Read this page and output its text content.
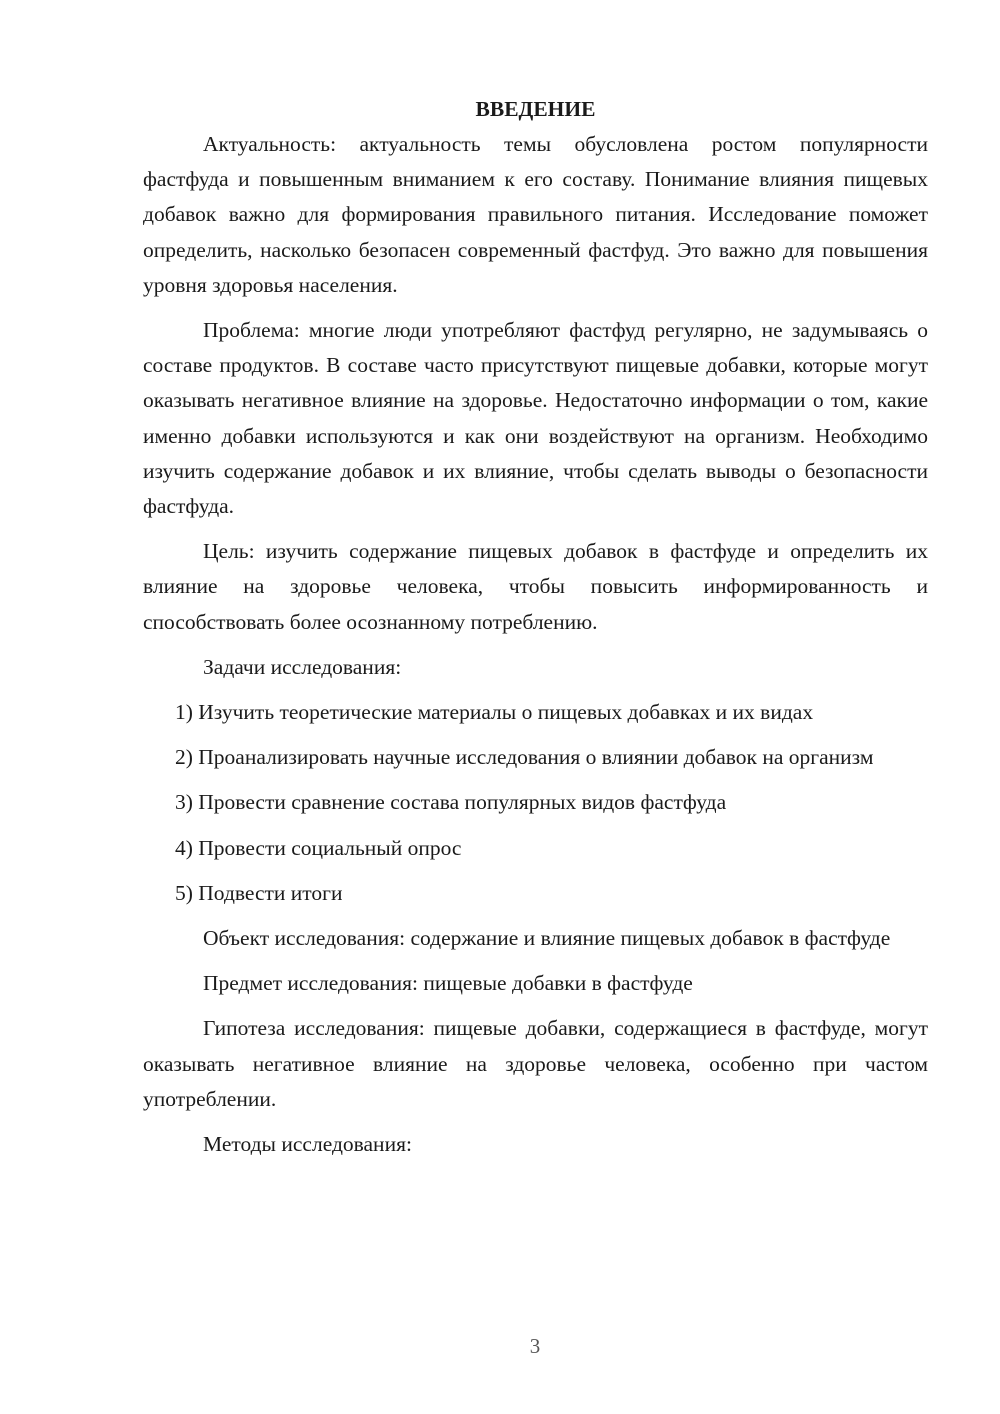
ВВЕДЕНИЕ

Актуальность: актуальность темы обусловлена ростом популярности фастфуда и повышенным вниманием к его составу. Понимание влияния пищевых добавок важно для формирования правильного питания. Исследование поможет определить, насколько безопасен современный фастфуд. Это важно для повышения уровня здоровья населения.

Проблема: многие люди употребляют фастфуд регулярно, не задумываясь о составе продуктов. В составе часто присутствуют пищевые добавки, которые могут оказывать негативное влияние на здоровье. Недостаточно информации о том, какие именно добавки используются и как они воздействуют на организм. Необходимо изучить содержание добавок и их влияние, чтобы сделать выводы о безопасности фастфуда.

Цель: изучить содержание пищевых добавок в фастфуде и определить их влияние на здоровье человека, чтобы повысить информированность и способствовать более осознанному потреблению.

Задачи исследования:

1) Изучить теоретические материалы о пищевых добавках и их видах

2) Проанализировать научные исследования о влиянии добавок на организм

3) Провести сравнение состава популярных видов фастфуда

4) Провести социальный опрос

5) Подвести итоги

Объект исследования: содержание и влияние пищевых добавок в фастфуде

Предмет исследования: пищевые добавки в фастфуде

Гипотеза исследования: пищевые добавки, содержащиеся в фастфуде, могут оказывать негативное влияние на здоровье человека, особенно при частом употреблении.

Методы исследования:

3
